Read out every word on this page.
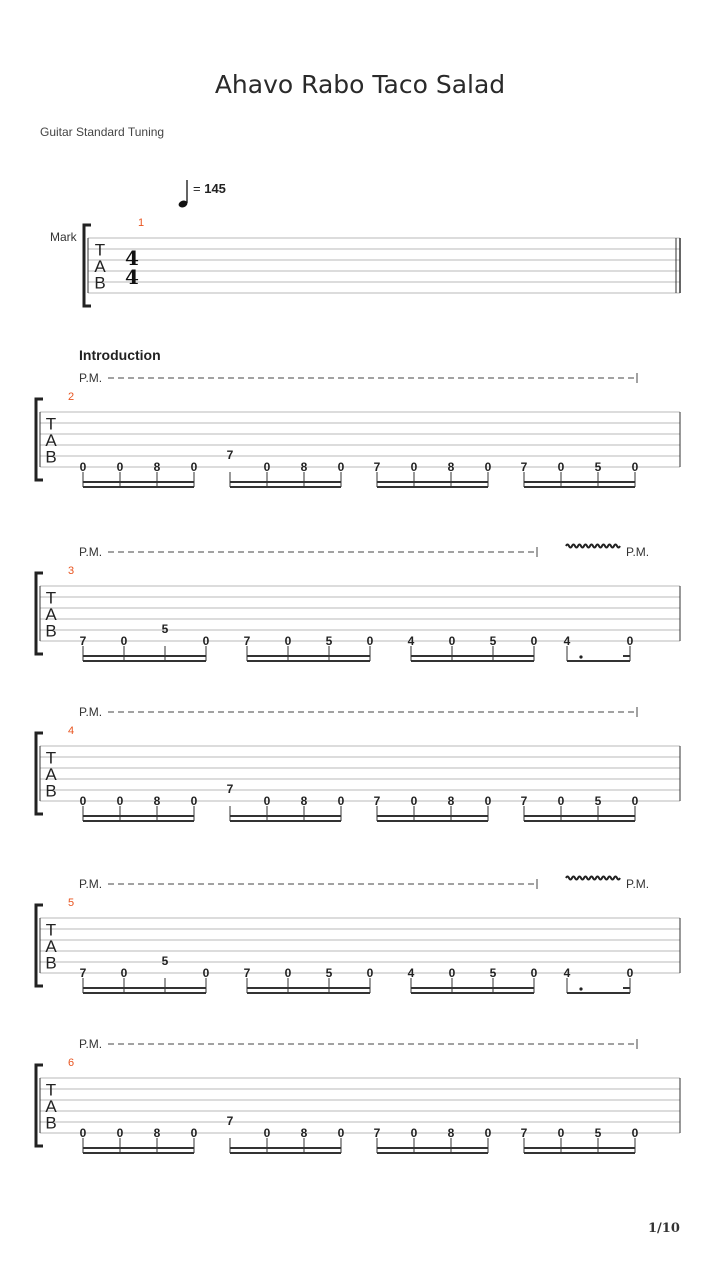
Ahavo Rabo Taco Salad
Guitar Standard Tuning
= 145
Mark
Introduction
1/10
1
T
A
B
4
4
P.M.
2
T
A
B
0	0	8	0
7
0	8	0 7	0	8	0 7	0	5	0
P.M.	P.M.
3
T
A
B
7	0
5
0	7	0	5	0	4	0	5	0 4	0
P.M.
4
T
A
B
0	0	8	0
7
0	8	0 7	0	8	0 7	0	5	0
P.M.	P.M.
5
T
A
B
7	0
5
0	7	0	5	0	4	0	5	0 4	0
P.M.
6
T
A
B
0	0	8	0
7
0	8	0 7	0	8	0 7	0	5	0
